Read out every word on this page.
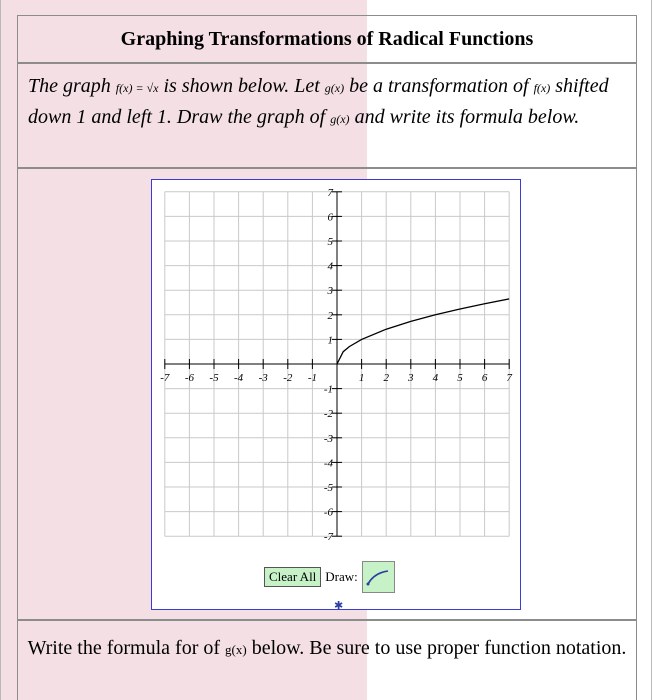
Graphing Transformations of Radical Functions
The graph f(x) = √x is shown below. Let g(x) be a transformation of f(x) shifted down 1 and left 1. Draw the graph of g(x) and write its formula below.
-7 -6 -5 -4 -3 -2 -1	1 2 3 4 5 6 7
-7
-6
-5
-4
-3
-2
-1
1
2
3
4
5
6
7
Clear All Draw:
✱
Write the formula for of g(x) below. Be sure to use proper function notation.
